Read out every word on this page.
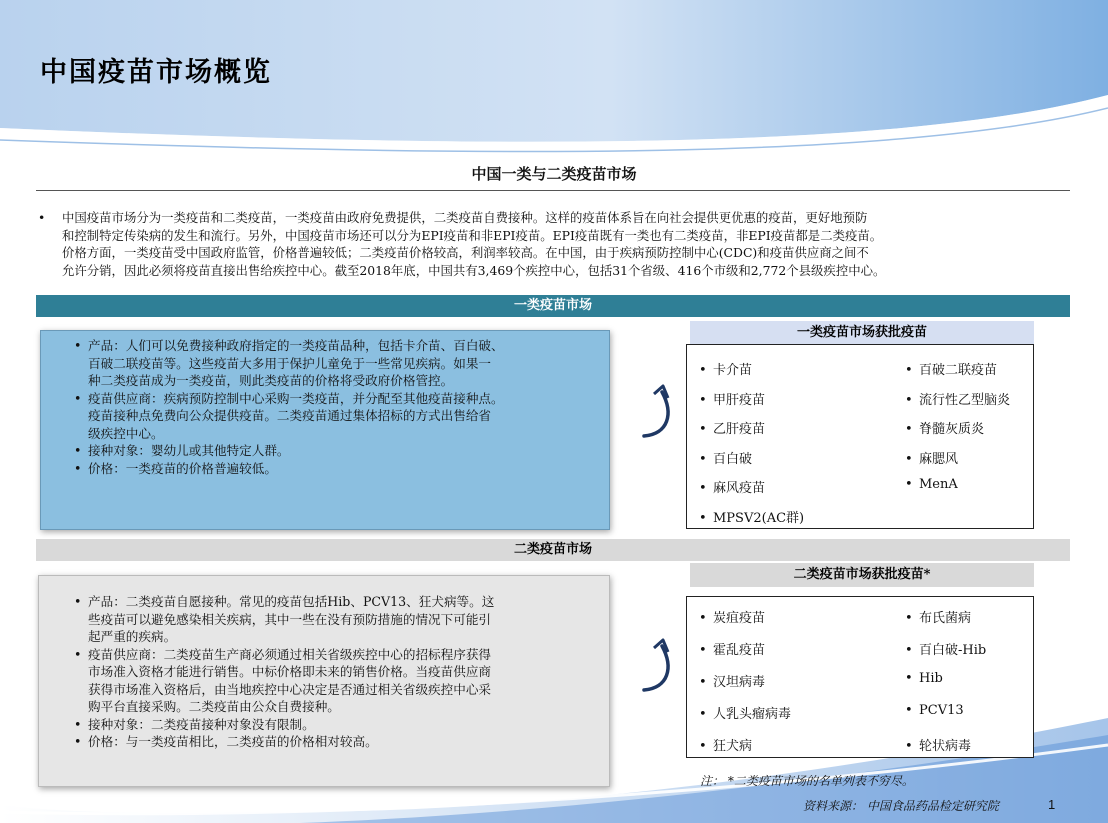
中国疫苗市场概览
中国一类与二类疫苗市场
• 中国疫苗市场分为一类疫苗和二类疫苗，一类疫苗由政府免费提供，二类疫苗自费接种。这样的疫苗体系旨在向社会提供更优惠的疫苗，更好地预防
和控制特定传染病的发生和流行。另外，中国疫苗市场还可以分为EPI疫苗和非EPI疫苗。EPI疫苗既有一类也有二类疫苗，非EPI疫苗都是二类疫苗。
价格方面，一类疫苗受中国政府监管，价格普遍较低；二类疫苗价格较高，利润率较高。在中国，由于疾病预防控制中心(CDC)和疫苗供应商之间不
允许分销，因此必须将疫苗直接出售给疾控中心。截至2018年底，中国共有3,469个疾控中心，包括31个省级、416个市级和2,772个县级疾控中心。
一类疫苗市场
• 产品：人们可以免费接种政府指定的一类疫苗品种，包括卡介苗、百白破、
百破二联疫苗等。这些疫苗大多用于保护儿童免于一些常见疾病。如果一
种二类疫苗成为一类疫苗，则此类疫苗的价格将受政府价格管控。
• 疫苗供应商：疾病预防控制中心采购一类疫苗，并分配至其他疫苗接种点。
疫苗接种点免费向公众提供疫苗。二类疫苗通过集体招标的方式出售给省
级疾控中心。
• 接种对象：婴幼儿或其他特定人群。
• 价格：一类疫苗的价格普遍较低。
一类疫苗市场获批疫苗
• 卡介苗
• 甲肝疫苗
• 乙肝疫苗
• 百白破
• 麻风疫苗
• MPSV2(AC群)
• 百破二联疫苗
• 流行性乙型脑炎
• 脊髓灰质炎
• 麻腮风
• MenA
二类疫苗市场
• 产品：二类疫苗自愿接种。常见的疫苗包括Hib、PCV13、狂犬病等。这
些疫苗可以避免感染相关疾病，其中一些在没有预防措施的情况下可能引
起严重的疾病。
• 疫苗供应商：二类疫苗生产商必须通过相关省级疾控中心的招标程序获得
市场准入资格才能进行销售。中标价格即未来的销售价格。当疫苗供应商
获得市场准入资格后，由当地疾控中心决定是否通过相关省级疾控中心采
购平台直接采购。二类疫苗由公众自费接种。
• 接种对象：二类疫苗接种对象没有限制。
• 价格：与一类疫苗相比，二类疫苗的价格相对较高。
二类疫苗市场获批疫苗*
• 炭疽疫苗
• 霍乱疫苗
• 汉坦病毒
• 人乳头瘤病毒
• 狂犬病
• 布氏菌病
• 百白破-Hib
• Hib
• PCV13
• 轮状病毒
注： *二类疫苗市场的名单列表不穷尽。
资料来源： 中国食品药品检定研究院	1
